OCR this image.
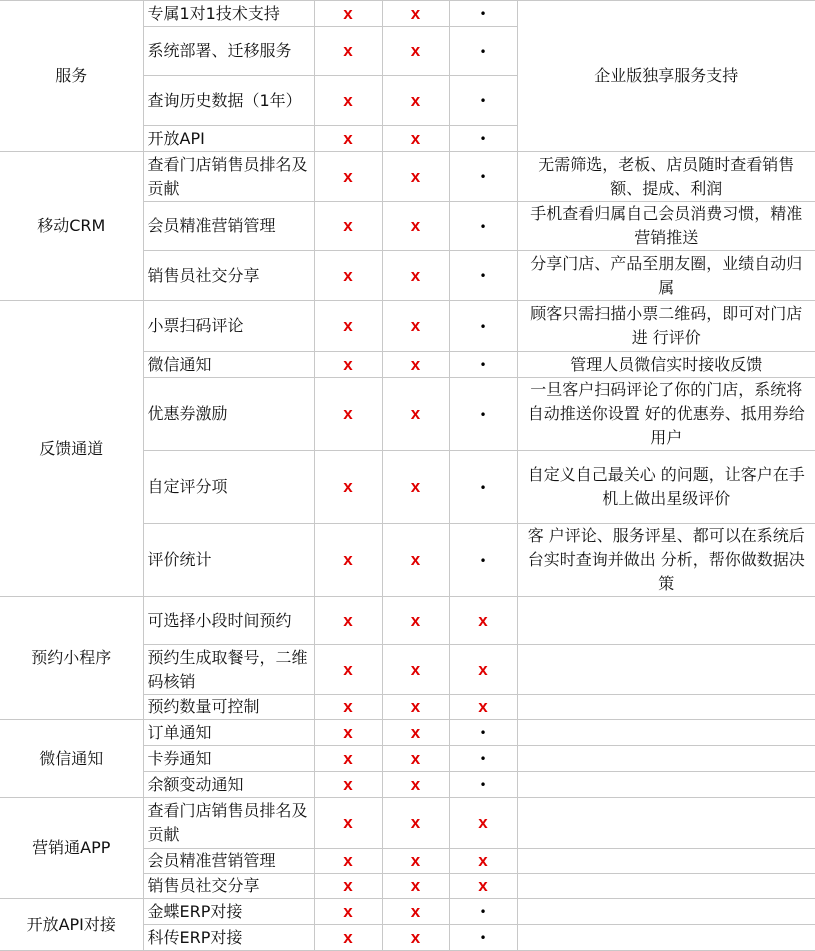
服务	专属1对1技术支持	x	x	•	企业版独享服务支持
	系统部署、迁移服务	x	x	•	
	查询历史数据（1年）	x	x	•	
	开放API	x	x	•	
移动CRM	查看门店销售员排名及贡献	x	x	•	无需筛选，老板、店员随时查看销售额、提成、利润
	会员精准营销管理	x	x	•	手机查看归属自己会员消费习惯，精准营销推送
	销售员社交分享	x	x	•	分享门店、产品至朋友圈，业绩自动归属
反馈通道	小票扫码评论	x	x	•	顾客只需扫描小票二维码，即可对门店进 行评价
	微信通知	x	x	•	管理人员微信实时接收反馈
	优惠券激励	x	x	•	一旦客户扫码评论了你的门店，系统将自动推送你设置 好的优惠券、抵用券给用户
	自定评分项	x	x	•	自定义自己最关心 的问题，让客户在手机上做出星级评价
	评价统计	x	x	•	客 户评论、服务评星、都可以在系统后台实时查询并做出 分析，帮你做数据决策
预约小程序	可选择小段时间预约	x	x	x	
	预约生成取餐号，二维码核销	x	x	x	
	预约数量可控制	x	x	x	
微信通知	订单通知	x	x	•	
	卡券通知	x	x	•	
	余额变动通知	x	x	•	
营销通APP	查看门店销售员排名及贡献	x	x	x	
	会员精准营销管理	x	x	x	
	销售员社交分享	x	x	x	
开放API对接	金蝶ERP对接	x	x	•	
	科传ERP对接	x	x	•	
